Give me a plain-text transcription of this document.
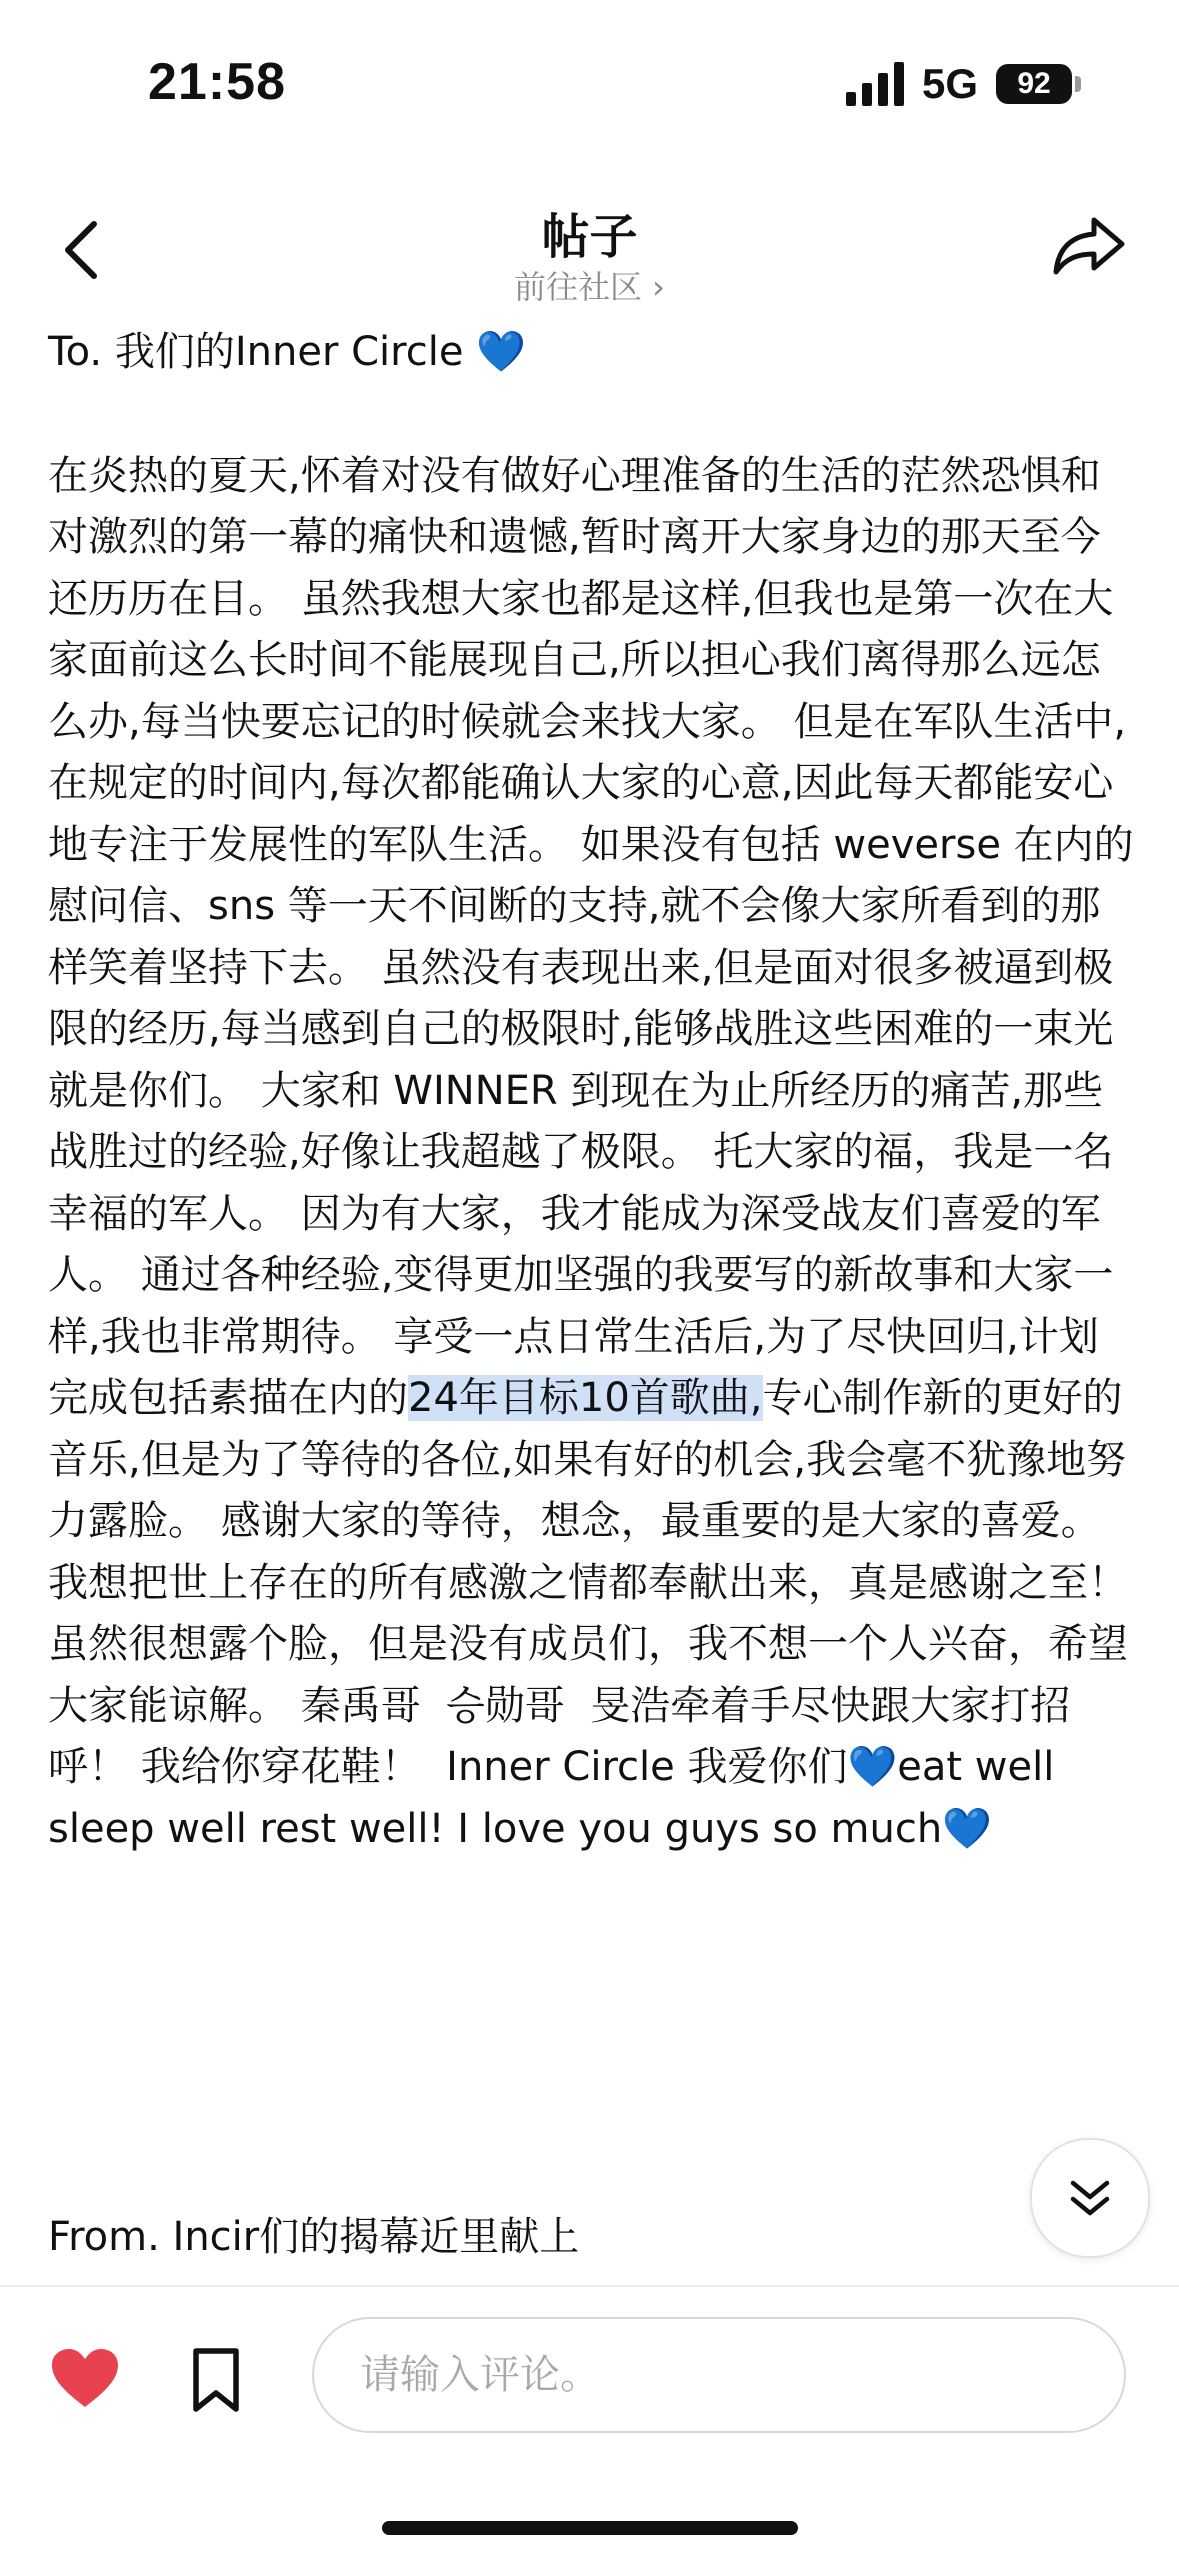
21:58	5G	92
帖子
前往社区 ›

To. 我们的Inner Circle 💙

在炎热的夏天,怀着对没有做好心理准备的生活的茫然恐惧和对激烈的第一幕的痛快和遗憾,暂时离开大家身边的那天至今还历历在目。 虽然我想大家也都是这样,但我也是第一次在大家面前这么长时间不能展现自己,所以担心我们离得那么远怎么办,每当快要忘记的时候就会来找大家。 但是在军队生活中,在规定的时间内,每次都能确认大家的心意,因此每天都能安心地专注于发展性的军队生活。 如果没有包括 weverse 在内的慰问信、sns 等一天不间断的支持,就不会像大家所看到的那样笑着坚持下去。 虽然没有表现出来,但是面对很多被逼到极限的经历,每当感到自己的极限时,能够战胜这些困难的一束光就是你们。 大家和 WINNER 到现在为止所经历的痛苦,那些战胜过的经验,好像让我超越了极限。 托大家的福，我是一名幸福的军人。 因为有大家，我才能成为深受战友们喜爱的军人。 通过各种经验,变得更加坚强的我要写的新故事和大家一样,我也非常期待。 享受一点日常生活后,为了尽快回归,计划完成包括素描在内的24年目标10首歌曲,专心制作新的更好的音乐,但是为了等待的各位,如果有好的机会,我会毫不犹豫地努力露脸。 感谢大家的等待，想念，最重要的是大家的喜爱。 我想把世上存在的所有感激之情都奉献出来，真是感谢之至！ 虽然很想露个脸，但是没有成员们，我不想一个人兴奋，希望大家能谅解。 秦禹哥  승勋哥  旻浩牵着手尽快跟大家打招呼！ 我给你穿花鞋！  Inner Circle 我爱你们💙eat well sleep well rest well! I love you guys so much💙

From. Incir们的揭幕近里献上
请输入评论。
